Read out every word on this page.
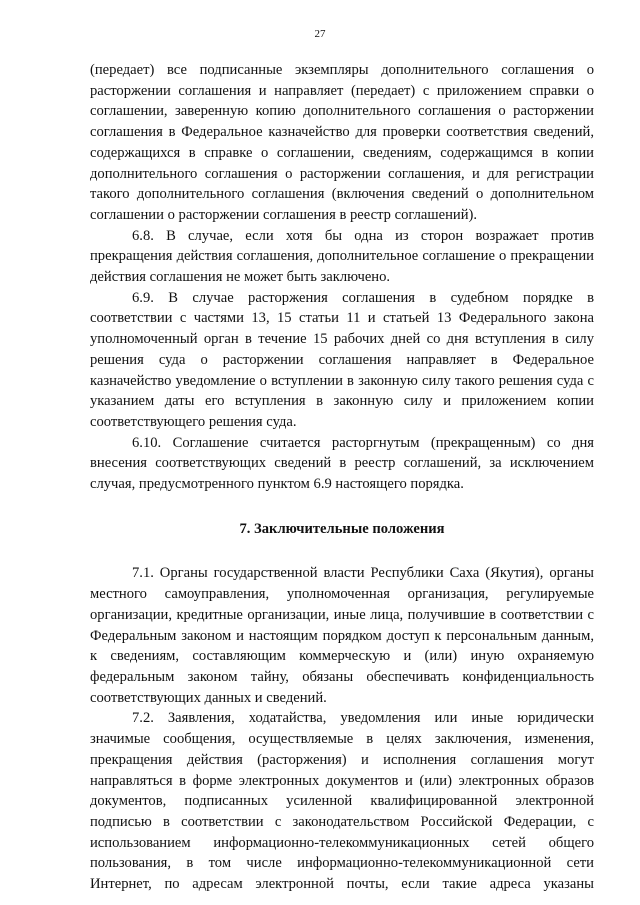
27

(передает) все подписанные экземпляры дополнительного соглашения о расторжении соглашения и направляет (передает) с приложением справки о соглашении, заверенную копию дополнительного соглашения о расторжении соглашения в Федеральное казначейство для проверки соответствия сведений, содержащихся в справке о соглашении, сведениям, содержащимся в копии дополнительного соглашения о расторжении соглашения, и для регистрации такого дополнительного соглашения (включения сведений о дополнительном соглашении о расторжении соглашения в реестр соглашений).

6.8. В случае, если хотя бы одна из сторон возражает против прекращения действия соглашения, дополнительное соглашение о прекращении действия соглашения не может быть заключено.

6.9. В случае расторжения соглашения в судебном порядке в соответствии с частями 13, 15 статьи 11 и статьей 13 Федерального закона уполномоченный орган в течение 15 рабочих дней со дня вступления в силу решения суда о расторжении соглашения направляет в Федеральное казначейство уведомление о вступлении в законную силу такого решения суда с указанием даты его вступления в законную силу и приложением копии соответствующего решения суда.

6.10. Соглашение считается расторгнутым (прекращенным) со дня внесения соответствующих сведений в реестр соглашений, за исключением случая, предусмотренного пунктом 6.9 настоящего порядка.

7. Заключительные положения

7.1. Органы государственной власти Республики Саха (Якутия), органы местного самоуправления, уполномоченная организация, регулируемые организации, кредитные организации, иные лица, получившие в соответствии с Федеральным законом и настоящим порядком доступ к персональным данным, к сведениям, составляющим коммерческую и (или) иную охраняемую федеральным законом тайну, обязаны обеспечивать конфиденциальность соответствующих данных и сведений.

7.2. Заявления, ходатайства, уведомления или иные юридически значимые сообщения, осуществляемые в целях заключения, изменения, прекращения действия (расторжения) и исполнения соглашения могут направляться в форме электронных документов и (или) электронных образов документов, подписанных усиленной квалифицированной электронной подписью в соответствии с законодательством Российской Федерации, с использованием информационно-телекоммуникационных сетей общего пользования, в том числе информационно-телекоммуникационной сети Интернет, по адресам электронной почты, если такие адреса указаны
